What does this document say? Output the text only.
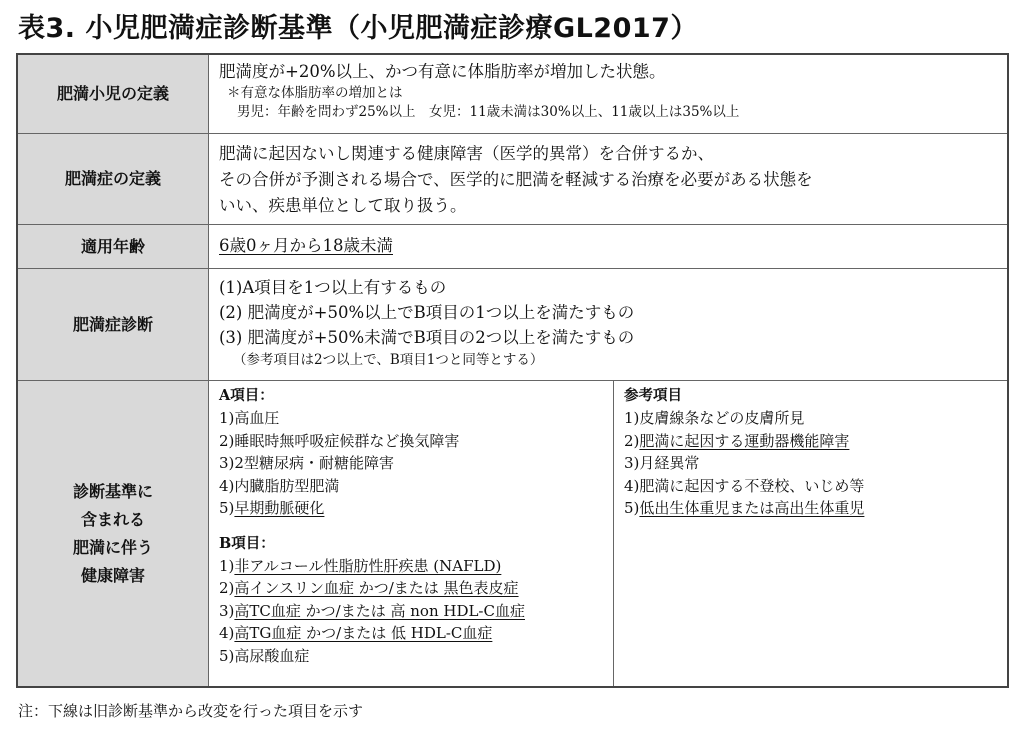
表3. 小児肥満症診断基準（小児肥満症診療GL2017）
肥満小児の定義
肥満度が+20%以上、かつ有意に体脂肪率が増加した状態。
＊有意な体脂肪率の増加とは
男児：年齢を問わず25%以上　女児：11歳未満は30%以上、11歳以上は35%以上
肥満症の定義
肥満に起因ないし関連する健康障害（医学的異常）を合併するか、
その合併が予測される場合で、医学的に肥満を軽減する治療を必要がある状態を
いい、疾患単位として取り扱う。
適用年齢	6歳0ヶ月から18歳未満
肥満症診断
(1)A項目を1つ以上有するもの
(2) 肥満度が+50%以上でB項目の1つ以上を満たすもの
(3) 肥満度が+50%未満でB項目の2つ以上を満たすもの
（参考項目は2つ以上で、B項目1つと同等とする）
診断基準に
含まれる
肥満に伴う
健康障害
A項目：
1)高血圧
2)睡眠時無呼吸症候群など換気障害
3)2型糖尿病・耐糖能障害
4)内臓脂肪型肥満
5)早期動脈硬化
B項目：
1)非アルコール性脂肪性肝疾患 (NAFLD)
2)高インスリン血症 かつ/または 黒色表皮症
3)高TC血症 かつ/または 高 non HDL-C血症
4)高TG血症 かつ/または 低 HDL-C血症
5)高尿酸血症
参考項目
1)皮膚線条などの皮膚所見
2)肥満に起因する運動器機能障害
3)月経異常
4)肥満に起因する不登校、いじめ等
5)低出生体重児または高出生体重児
注：下線は旧診断基準から改変を行った項目を示す
